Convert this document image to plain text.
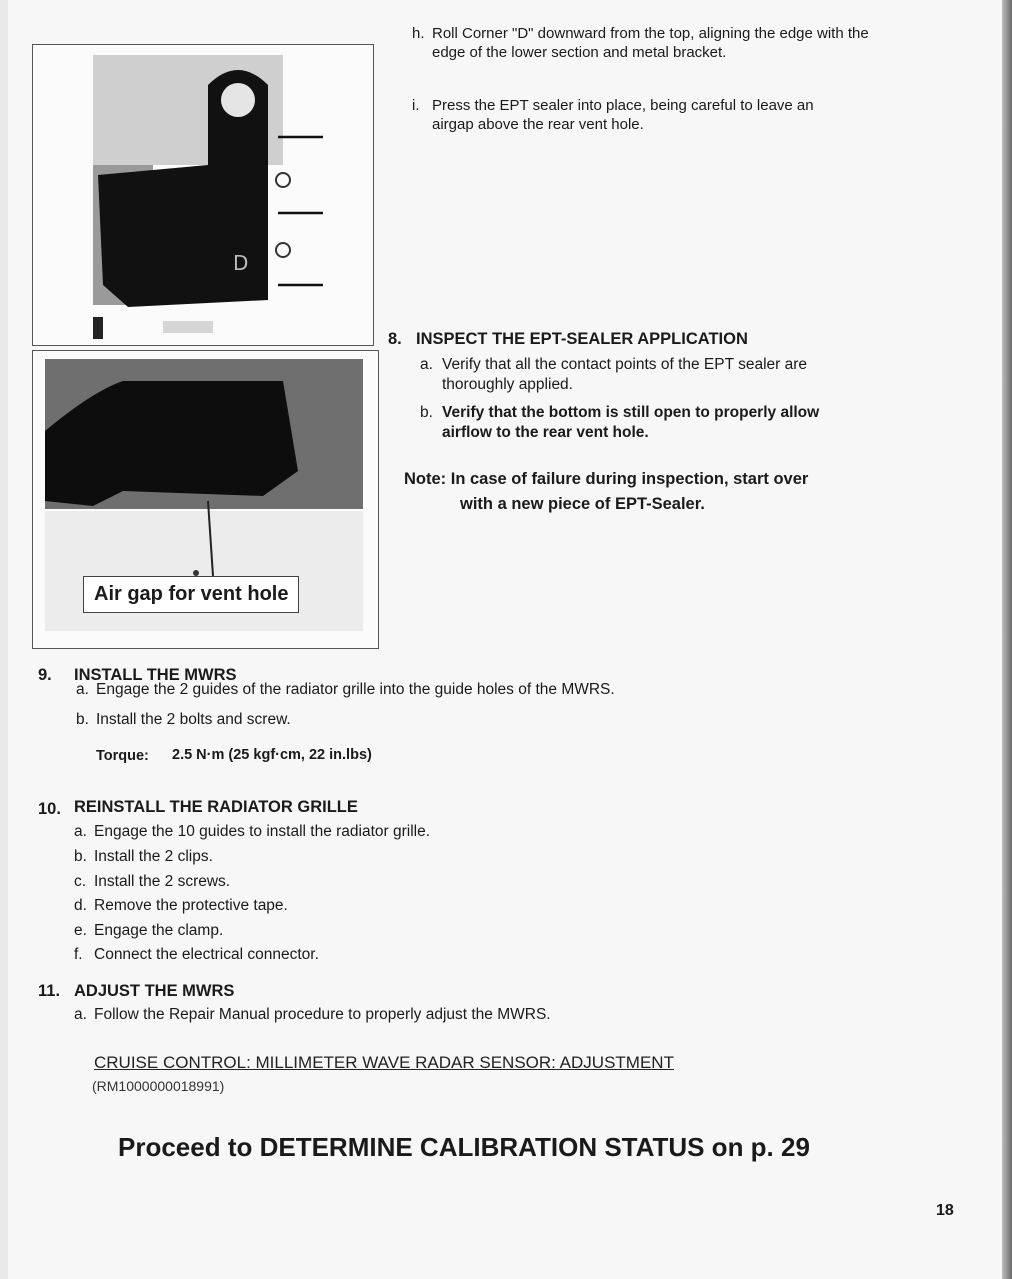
D
Air gap for vent hole
h. Roll Corner "D" downward from the top, aligning the edge with the edge of the lower section and metal bracket.
i. Press the EPT sealer into place, being careful to leave an airgap above the rear vent hole.
8. INSPECT THE EPT-SEALER APPLICATION
a. Verify that all the contact points of the EPT sealer are thoroughly applied.
b. Verify that the bottom is still open to properly allow airflow to the rear vent hole.
Note: In case of failure during inspection, start over
with a new piece of EPT-Sealer.
9. INSTALL THE MWRS
a. Engage the 2 guides of the radiator grille into the guide holes of the MWRS.
b. Install the 2 bolts and screw.
Torque: 2.5 N·m (25 kgf·cm, 22 in.lbs)
10. REINSTALL THE RADIATOR GRILLE
a. Engage the 10 guides to install the radiator grille.
b. Install the 2 clips.
c. Install the 2 screws.
d. Remove the protective tape.
e. Engage the clamp.
f. Connect the electrical connector.
11. ADJUST THE MWRS
a. Follow the Repair Manual procedure to properly adjust the MWRS.
CRUISE CONTROL: MILLIMETER WAVE RADAR SENSOR: ADJUSTMENT
(RM1000000018991)
Proceed to DETERMINE CALIBRATION STATUS on p. 29
18
